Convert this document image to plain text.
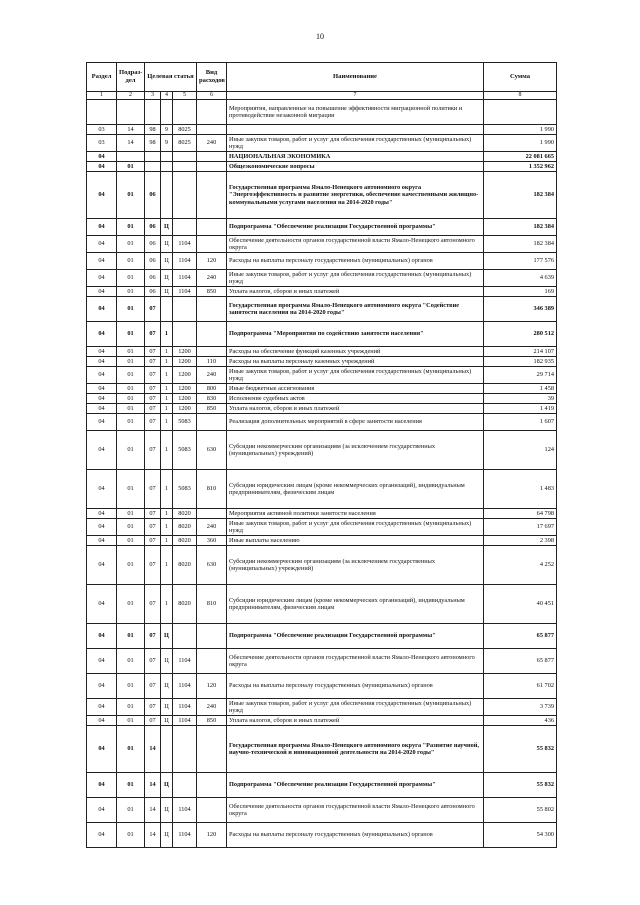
10
Раздел	Подраз-дел	Целевая статья			Вид расходов	Наименование	Сумма
1	2	3	4	5	6	7	8
						Мероприятия, направленные на повышение эффективности миграционной политики и противодействие незаконной миграции	
03	14	98	9	8025			1 990
03	14	98	9	8025	240	Иные закупки товаров, работ и услуг для обеспечения государственных (муниципальных) нужд	1 990
04						НАЦИОНАЛЬНАЯ ЭКОНОМИКА	22 081 665
04	01					Общеэкономические вопросы	1 352 962
04	01	06				Государственная программа Ямало-Ненецкого автономного округа "Энергоэффективность и развитие энергетики, обеспечение качественными жилищно-коммунальными услугами населения на 2014-2020 годы"	182 384
04	01	06	Ц			Подпрограмма "Обеспечение реализации Государственной программы"	182 384
04	01	06	Ц	1104		Обеспечение деятельности органов государственной власти Ямало-Ненецкого автономного округа	182 384
04	01	06	Ц	1104	120	Расходы на выплаты персоналу государственных (муниципальных) органов	177 576
04	01	06	Ц	1104	240	Иные закупки товаров, работ и услуг для обеспечения государственных (муниципальных) нужд	4 639
04	01	06	Ц	1104	850	Уплата налогов, сборов и иных платежей	169
04	01	07				Государственная программа Ямало-Ненецкого автономного округа "Содействие занятости населения на 2014-2020 годы"	346 389
04	01	07	1			Подпрограмма "Мероприятия по содействию занятости населения"	280 512
04	01	07	1	1200		Расходы на обеспечение функций казенных учреждений	214 107
04	01	07	1	1200	110	Расходы на выплаты персоналу казенных учреждений	182 935
04	01	07	1	1200	240	Иные закупки товаров, работ и услуг для обеспечения государственных (муниципальных) нужд	29 714
04	01	07	1	1200	800	Иные бюджетные ассигнования	1 458
04	01	07	1	1200	830	Исполнение судебных актов	39
04	01	07	1	1200	850	Уплата налогов, сборов и иных платежей	1 419
04	01	07	1	5083		Реализация дополнительных мероприятий в сфере занятости населения	1 607
04	01	07	1	5083	630	Субсидии некоммерческим организациям (за исключением государственных (муниципальных) учреждений)	124
04	01	07	1	5083	810	Субсидии юридическим лицам (кроме некоммерческих организаций), индивидуальным предпринимателям, физическим лицам	1 483
04	01	07	1	8020		Мероприятия активной политики занятости населения	64 798
04	01	07	1	8020	240	Иные закупки товаров, работ и услуг для обеспечения государственных (муниципальных) нужд	17 697
04	01	07	1	8020	360	Иные выплаты населению	2 398
04	01	07	1	8020	630	Субсидии некоммерческим организациям (за исключением государственных (муниципальных) учреждений)	4 252
04	01	07	1	8020	810	Субсидии юридическим лицам (кроме некоммерческих организаций), индивидуальным предпринимателям, физическим лицам	40 451
04	01	07	Ц			Подпрограмма "Обеспечение реализации Государственной программы"	65 877
04	01	07	Ц	1104		Обеспечение деятельности органов государственной власти Ямало-Ненецкого автономного округа	65 877
04	01	07	Ц	1104	120	Расходы на выплаты персоналу государственных (муниципальных) органов	61 702
04	01	07	Ц	1104	240	Иные закупки товаров, работ и услуг для обеспечения государственных (муниципальных) нужд	3 739
04	01	07	Ц	1104	850	Уплата налогов, сборов и иных платежей	436
04	01	14				Государственная программа Ямало-Ненецкого автономного округа "Развитие научной, научно-технической и инновационной деятельности на 2014-2020 годы"	55 832
04	01	14	Ц			Подпрограмма "Обеспечение реализации Государственной программы"	55 832
04	01	14	Ц	1104		Обеспечение деятельности органов государственной власти Ямало-Ненецкого автономного округа	55 802
04	01	14	Ц	1104	120	Расходы на выплаты персоналу государственных (муниципальных) органов	54 300
